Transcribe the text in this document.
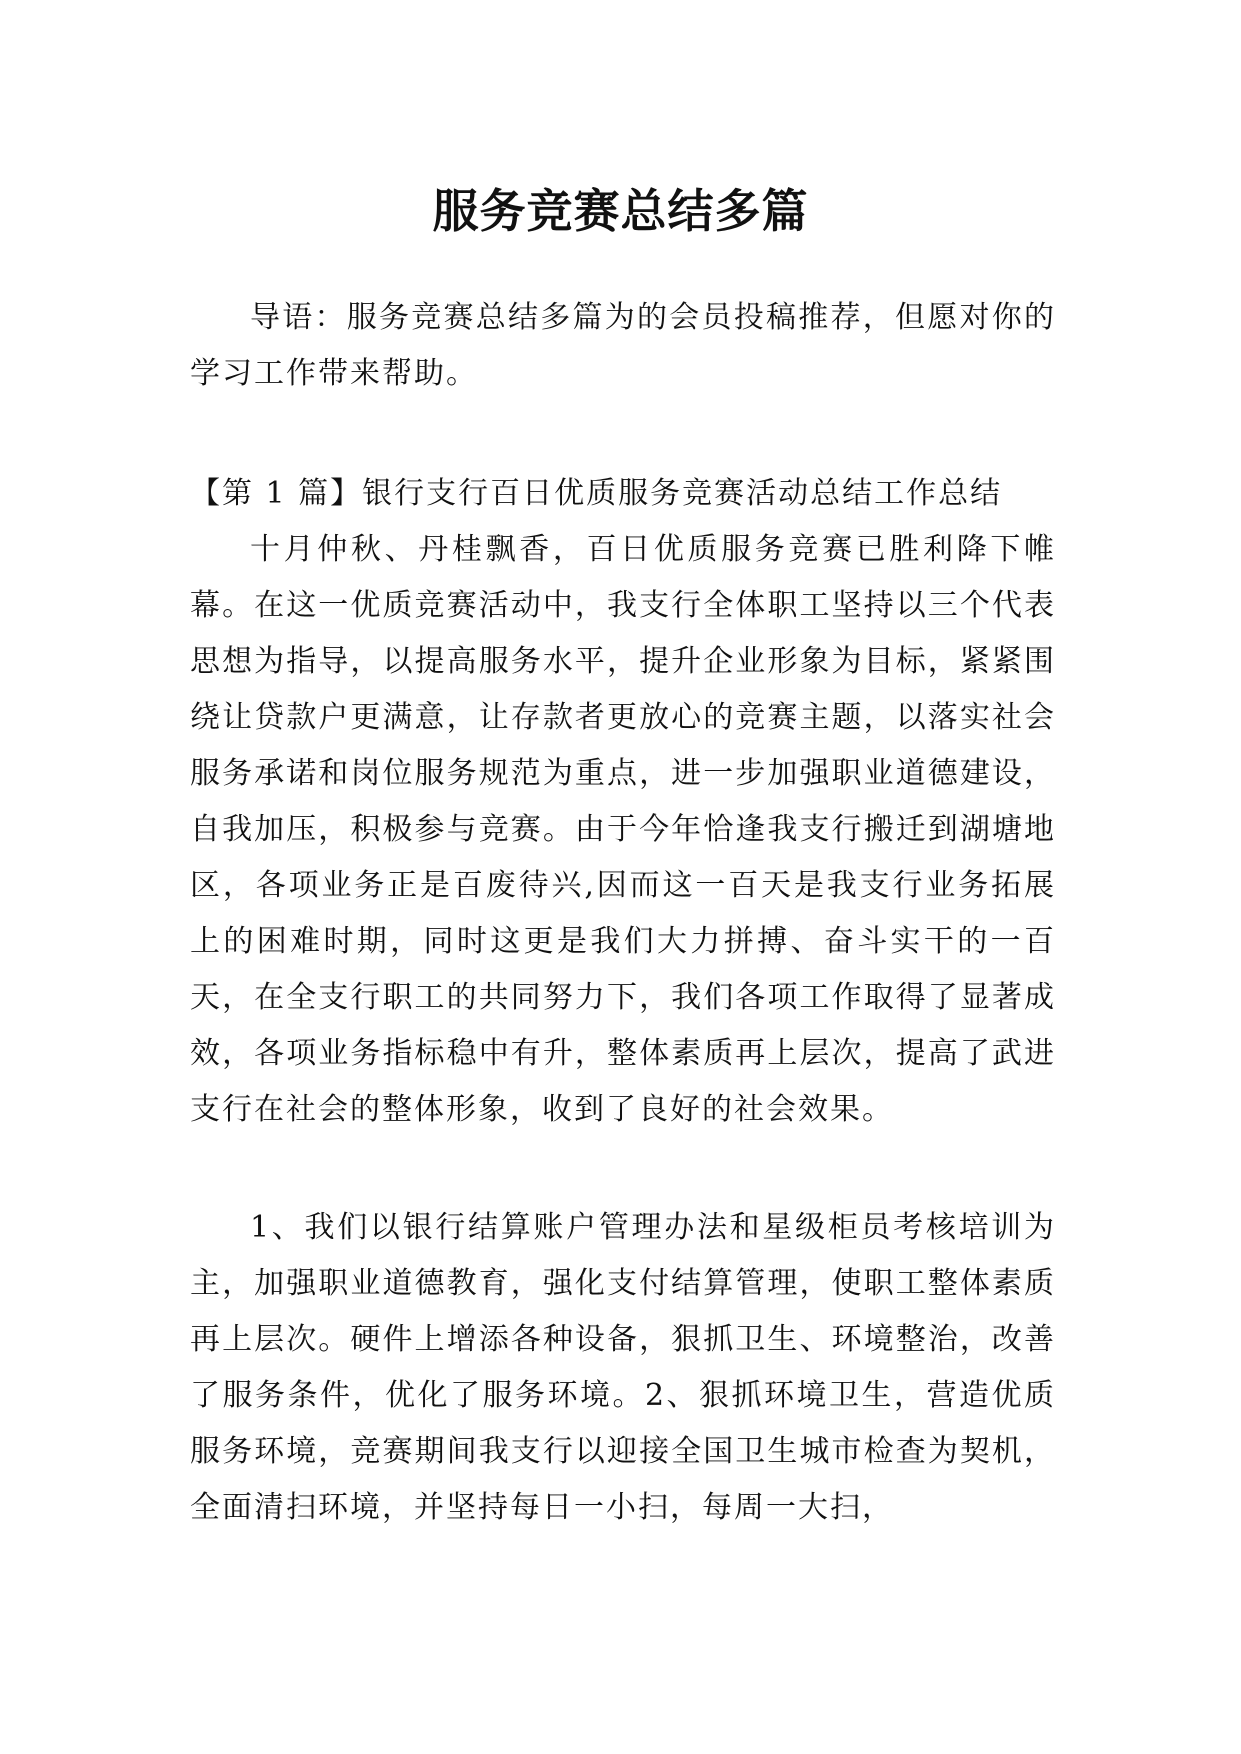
服务竞赛总结多篇

导语：服务竞赛总结多篇为的会员投稿推荐，但愿对你的学习工作带来帮助。

【第 1 篇】银行支行百日优质服务竞赛活动总结工作总结

十月仲秋、丹桂飘香，百日优质服务竞赛已胜利降下帷幕。在这一优质竞赛活动中，我支行全体职工坚持以三个代表思想为指导，以提高服务水平，提升企业形象为目标，紧紧围绕让贷款户更满意，让存款者更放心的竞赛主题，以落实社会服务承诺和岗位服务规范为重点，进一步加强职业道德建设，自我加压，积极参与竞赛。由于今年恰逢我支行搬迁到湖塘地区，各项业务正是百废待兴,因而这一百天是我支行业务拓展上的困难时期，同时这更是我们大力拼搏、奋斗实干的一百天，在全支行职工的共同努力下，我们各项工作取得了显著成效，各项业务指标稳中有升，整体素质再上层次，提高了武进支行在社会的整体形象，收到了良好的社会效果。

1、我们以银行结算账户管理办法和星级柜员考核培训为主，加强职业道德教育，强化支付结算管理，使职工整体素质再上层次。硬件上增添各种设备，狠抓卫生、环境整治，改善了服务条件，优化了服务环境。2、狠抓环境卫生，营造优质服务环境，竞赛期间我支行以迎接全国卫生城市检查为契机，全面清扫环境，并坚持每日一小扫，每周一大扫，
